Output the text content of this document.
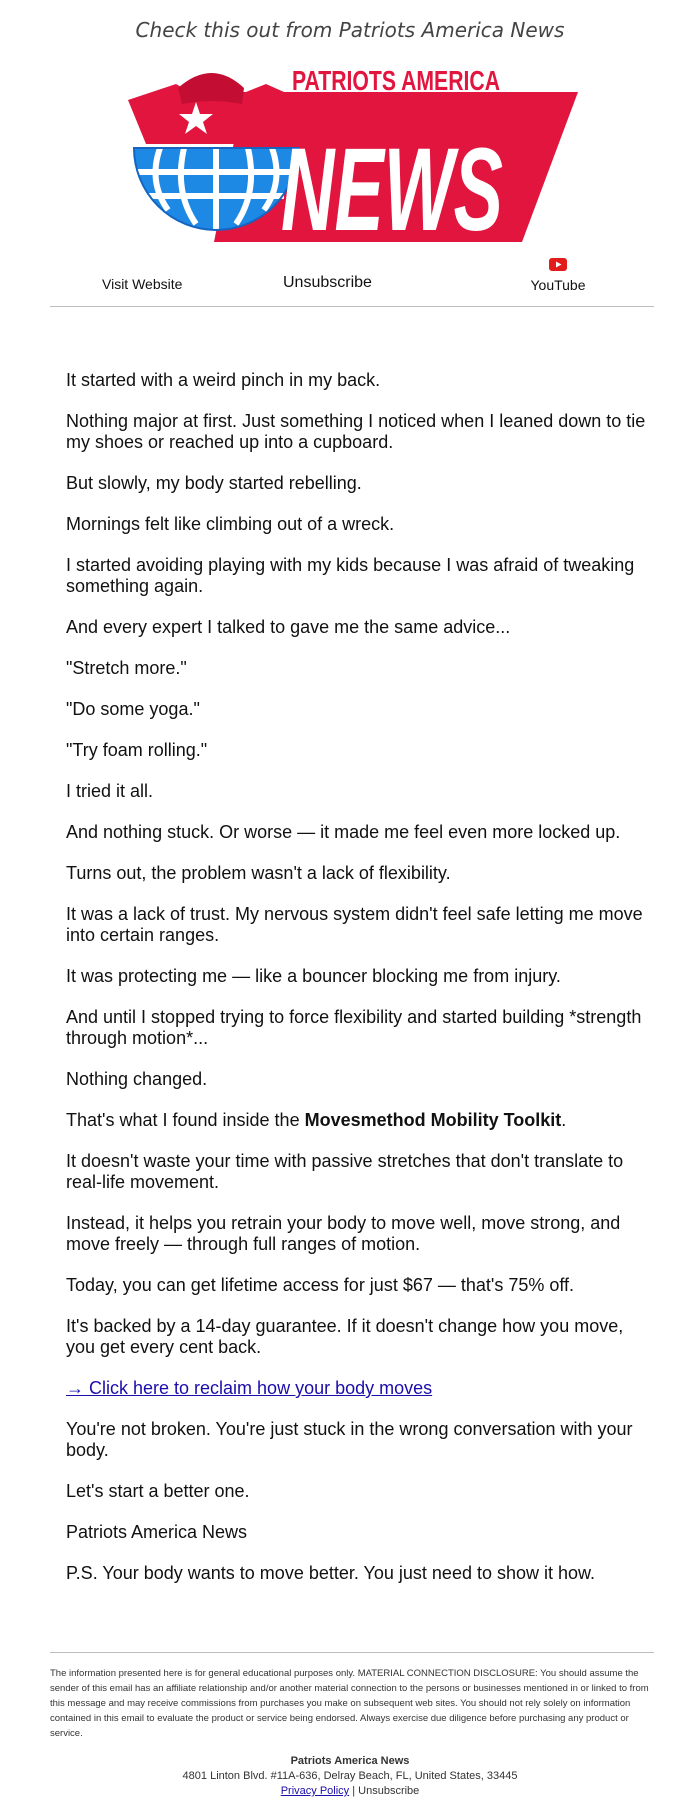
Check this out from Patriots America News
PATRIOTS AMERICA
NEWS
Visit Website	Unsubscribe	YouTube

It started with a weird pinch in my back.

Nothing major at first. Just something I noticed when I leaned down to tie my shoes or reached up into a cupboard.

But slowly, my body started rebelling.

Mornings felt like climbing out of a wreck.

I started avoiding playing with my kids because I was afraid of tweaking something again.

And every expert I talked to gave me the same advice...

"Stretch more."

"Do some yoga."

"Try foam rolling."

I tried it all.

And nothing stuck. Or worse — it made me feel even more locked up.

Turns out, the problem wasn't a lack of flexibility.

It was a lack of trust. My nervous system didn't feel safe letting me move into certain ranges.

It was protecting me — like a bouncer blocking me from injury.

And until I stopped trying to force flexibility and started building *strength through motion*...

Nothing changed.

That's what I found inside the Movesmethod Mobility Toolkit.

It doesn't waste your time with passive stretches that don't translate to real-life movement.

Instead, it helps you retrain your body to move well, move strong, and move freely — through full ranges of motion.

Today, you can get lifetime access for just $67 — that's 75% off.

It's backed by a 14-day guarantee. If it doesn't change how you move, you get every cent back.

→ Click here to reclaim how your body moves

You're not broken. You're just stuck in the wrong conversation with your body.

Let's start a better one.

Patriots America News

P.S. Your body wants to move better. You just need to show it how.

The information presented here is for general educational purposes only. MATERIAL CONNECTION DISCLOSURE: You should assume the sender of this email has an affiliate relationship and/or another material connection to the persons or businesses mentioned in or linked to from this message and may receive commissions from purchases you make on subsequent web sites. You should not rely solely on information contained in this email to evaluate the product or service being endorsed. Always exercise due diligence before purchasing any product or service.
Patriots America News
4801 Linton Blvd. #11A-636, Delray Beach, FL, United States, 33445
Privacy Policy | Unsubscribe
